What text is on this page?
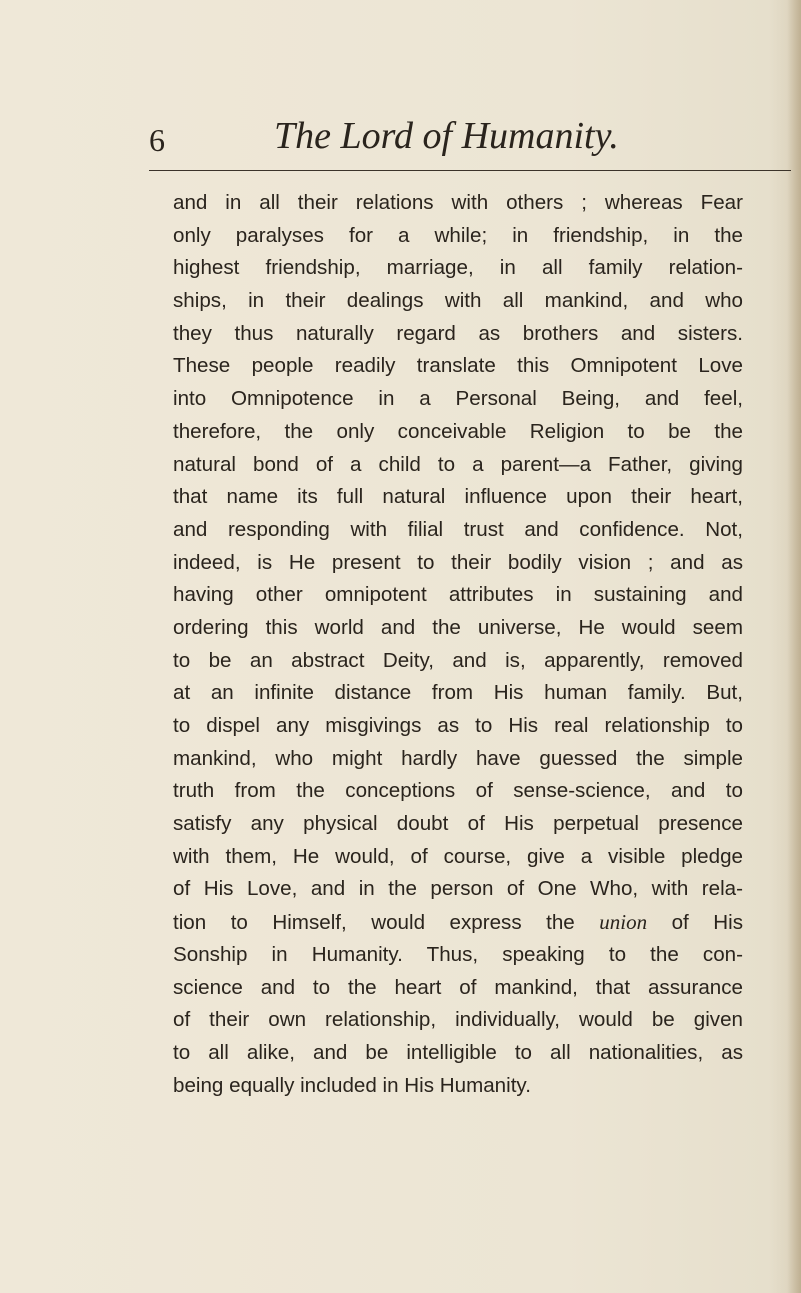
6	The Lord of Humanity.
and in all their relations with others ; whereas Fear
only paralyses for a while; in friendship, in the
highest friendship, marriage, in all family relation-
ships, in their dealings with all mankind, and who
they thus naturally regard as brothers and sisters.
These people readily translate this Omnipotent Love
into Omnipotence in a Personal Being, and feel,
therefore, the only conceivable Religion to be the
natural bond of a child to a parent—a Father, giving
that name its full natural influence upon their heart,
and responding with filial trust and confidence. Not,
indeed, is He present to their bodily vision ; and as
having other omnipotent attributes in sustaining and
ordering this world and the universe, He would seem
to be an abstract Deity, and is, apparently, removed
at an infinite distance from His human family. But,
to dispel any misgivings as to His real relationship to
mankind, who might hardly have guessed the simple
truth from the conceptions of sense-science, and to
satisfy any physical doubt of His perpetual presence
with them, He would, of course, give a visible pledge
of His Love, and in the person of One Who, with rela-
tion to Himself, would express the union of His
Sonship in Humanity. Thus, speaking to the con-
science and to the heart of mankind, that assurance
of their own relationship, individually, would be given
to all alike, and be intelligible to all nationalities, as
being equally included in His Humanity.
